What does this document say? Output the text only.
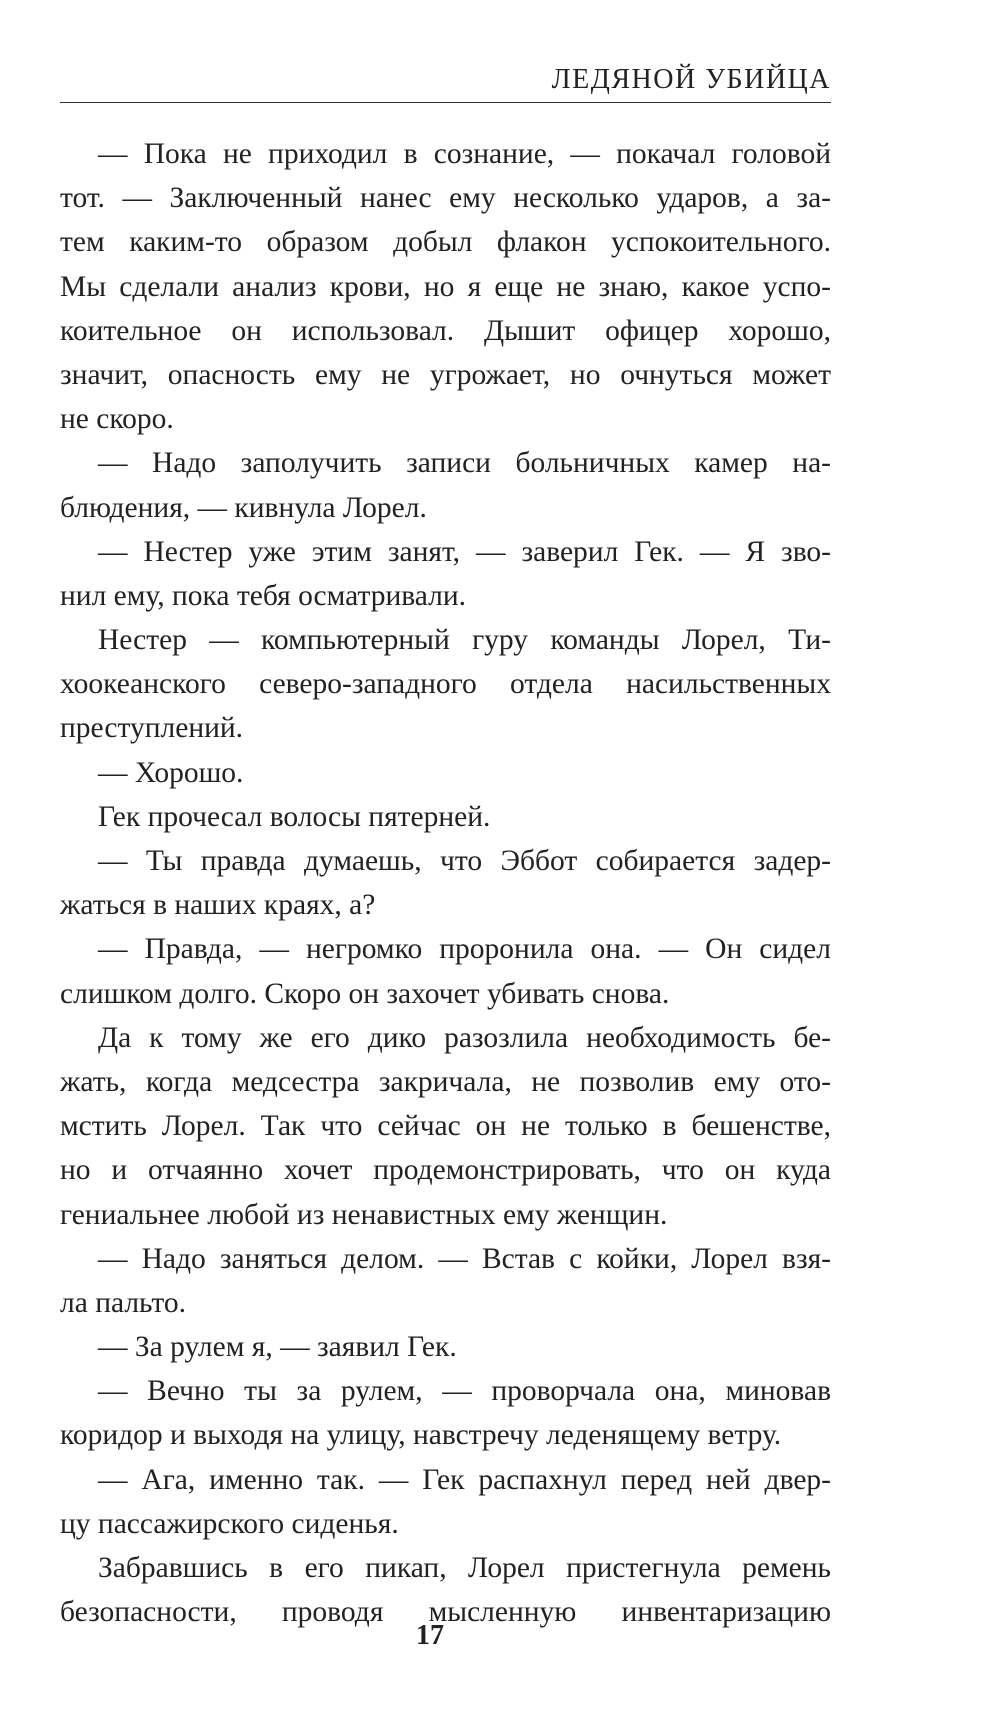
ЛЕДЯНОЙ УБИЙЦА
— Пока не приходил в сознание, — покачал головой
тот. — Заключенный нанес ему несколько ударов, а за-
тем каким-то образом добыл флакон успокоительного.
Мы сделали анализ крови, но я еще не знаю, какое успо-
коительное он использовал. Дышит офицер хорошо,
значит, опасность ему не угрожает, но очнуться может
не скоро.
— Надо заполучить записи больничных камер на-
блюдения, — кивнула Лорел.
— Нестер уже этим занят, — заверил Гек. — Я зво-
нил ему, пока тебя осматривали.
Нестер — компьютерный гуру команды Лорел, Ти-
хоокеанского северо-западного отдела насильственных
преступлений.
— Хорошо.
Гек прочесал волосы пятерней.
— Ты правда думаешь, что Эббот собирается задер-
жаться в наших краях, а?
— Правда, — негромко проронила она. — Он сидел
слишком долго. Скоро он захочет убивать снова.
Да к тому же его дико разозлила необходимость бе-
жать, когда медсестра закричала, не позволив ему ото-
мстить Лорел. Так что сейчас он не только в бешенстве,
но и отчаянно хочет продемонстрировать, что он куда
гениальнее любой из ненавистных ему женщин.
— Надо заняться делом. — Встав с койки, Лорел взя-
ла пальто.
— За рулем я, — заявил Гек.
— Вечно ты за рулем, — проворчала она, миновав
коридор и выходя на улицу, навстречу леденящему ветру.
— Ага, именно так. — Гек распахнул перед ней двер-
цу пассажирского сиденья.
Забравшись в его пикап, Лорел пристегнула ремень
безопасности, проводя мысленную инвентаризацию
17
